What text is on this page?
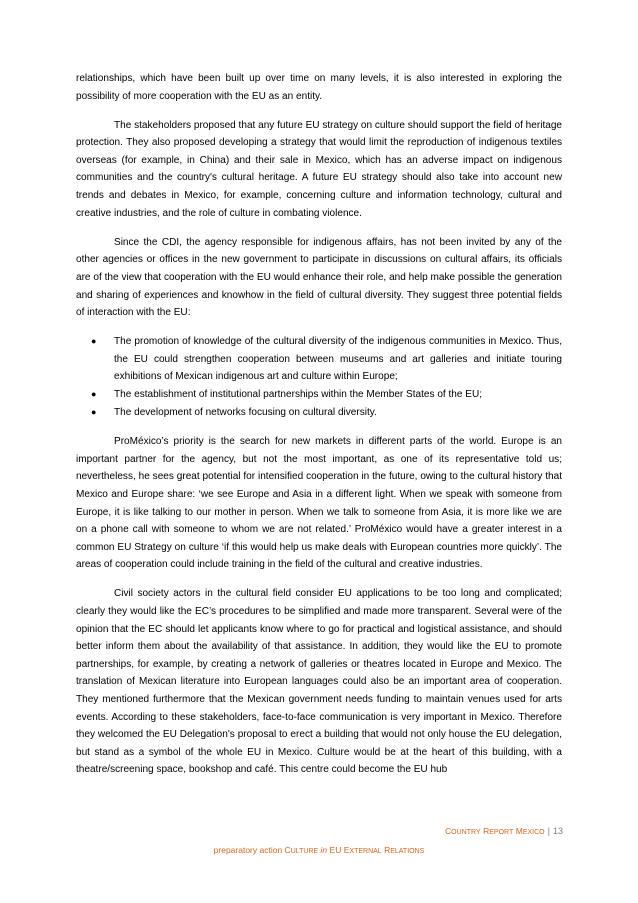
relationships, which have been built up over time on many levels, it is also interested in exploring the possibility of more cooperation with the EU as an entity.

The stakeholders proposed that any future EU strategy on culture should support the field of heritage protection. They also proposed developing a strategy that would limit the reproduction of indigenous textiles overseas (for example, in China) and their sale in Mexico, which has an adverse impact on indigenous communities and the country's cultural heritage. A future EU strategy should also take into account new trends and debates in Mexico, for example, concerning culture and information technology, cultural and creative industries, and the role of culture in combating violence.

Since the CDI, the agency responsible for indigenous affairs, has not been invited by any of the other agencies or offices in the new government to participate in discussions on cultural affairs, its officials are of the view that cooperation with the EU would enhance their role, and help make possible the generation and sharing of experiences and knowhow in the field of cultural diversity. They suggest three potential fields of interaction with the EU:

● The promotion of knowledge of the cultural diversity of the indigenous communities in Mexico. Thus, the EU could strengthen cooperation between museums and art galleries and initiate touring exhibitions of Mexican indigenous art and culture within Europe;
● The establishment of institutional partnerships within the Member States of the EU;
● The development of networks focusing on cultural diversity.

ProMéxico’s priority is the search for new markets in different parts of the world. Europe is an important partner for the agency, but not the most important, as one of its representative told us; nevertheless, he sees great potential for intensified cooperation in the future, owing to the cultural history that Mexico and Europe share: ‘we see Europe and Asia in a different light. When we speak with someone from Europe, it is like talking to our mother in person. When we talk to someone from Asia, it is more like we are on a phone call with someone to whom we are not related.’ ProMéxico would have a greater interest in a common EU Strategy on culture ‘if this would help us make deals with European countries more quickly’. The areas of cooperation could include training in the field of the cultural and creative industries.

Civil society actors in the cultural field consider EU applications to be too long and complicated; clearly they would like the EC’s procedures to be simplified and made more transparent. Several were of the opinion that the EC should let applicants know where to go for practical and logistical assistance, and should better inform them about the availability of that assistance. In addition, they would like the EU to promote partnerships, for example, by creating a network of galleries or theatres located in Europe and Mexico. The translation of Mexican literature into European languages could also be an important area of cooperation. They mentioned furthermore that the Mexican government needs funding to maintain venues used for arts events. According to these stakeholders, face-to-face communication is very important in Mexico. Therefore they welcomed the EU Delegation's proposal to erect a building that would not only house the EU delegation, but stand as a symbol of the whole EU in Mexico. Culture would be at the heart of this building, with a theatre/screening space, bookshop and café. This centre could become the EU hub

COUNTRY REPORT MEXICO | 13
preparatory action CULTURE in EU EXTERNAL RELATIONS
